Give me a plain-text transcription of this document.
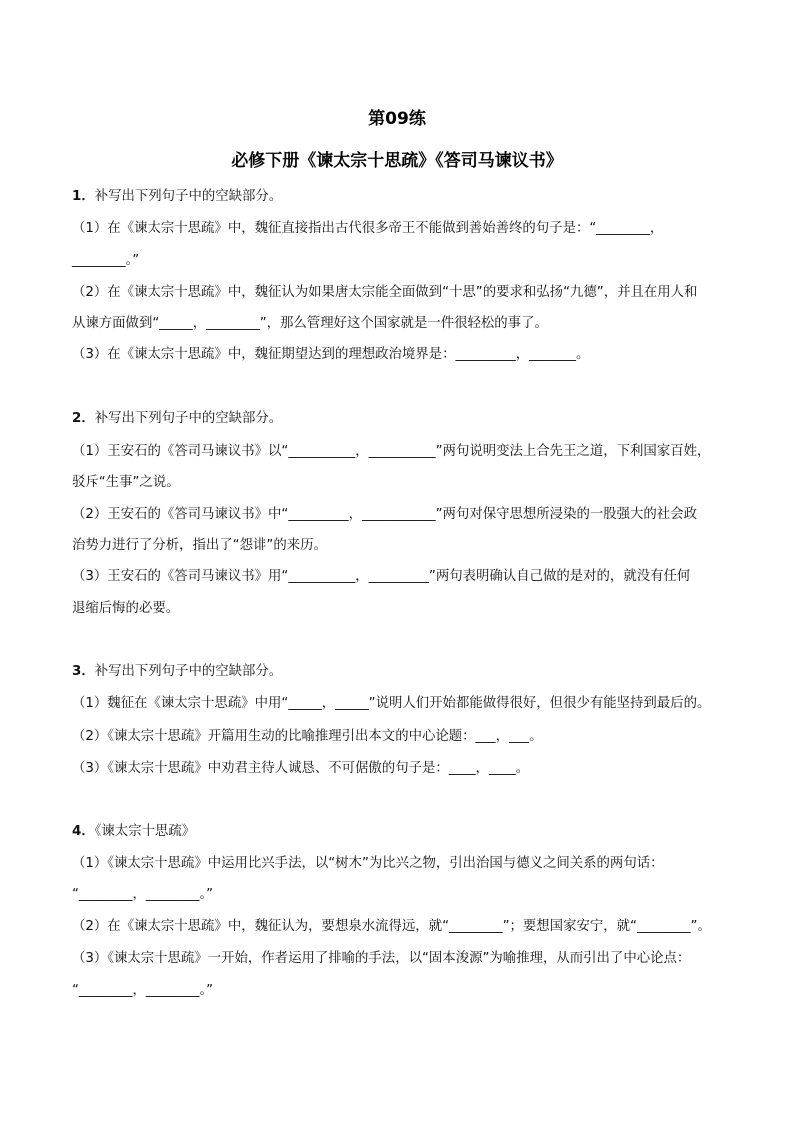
第09练
必修下册《谏太宗十思疏》《答司马谏议书》
1．补写出下列句子中的空缺部分。
（1）在《谏太宗十思疏》中，魏征直接指出古代很多帝王不能做到善始善终的句子是：“________，
________。”
（2）在《谏太宗十思疏》中，魏征认为如果唐太宗能全面做到“十思”的要求和弘扬“九德”，并且在用人和
从谏方面做到“_____，________”，那么管理好这个国家就是一件很轻松的事了。
（3）在《谏太宗十思疏》中，魏征期望达到的理想政治境界是：_________，_______。
2．补写出下列句子中的空缺部分。
（1）王安石的《答司马谏议书》以“__________，__________”两句说明变法上合先王之道，下利国家百姓，
驳斥“生事”之说。
（2）王安石的《答司马谏议书》中“_________，___________”两句对保守思想所浸染的一股强大的社会政
治势力进行了分析，指出了“怨诽”的来历。
（3）王安石的《答司马谏议书》用“__________，_________”两句表明确认自己做的是对的，就没有任何
退缩后悔的必要。
3．补写出下列句子中的空缺部分。
（1）魏征在《谏太宗十思疏》中用“_____，_____”说明人们开始都能做得很好，但很少有能坚持到最后的。
（2）《谏太宗十思疏》开篇用生动的比喻推理引出本文的中心论题：___，___。
（3）《谏太宗十思疏》中劝君主待人诚恳、不可倨傲的句子是：____，____。
4．《谏太宗十思疏》
（1）《谏太宗十思疏》中运用比兴手法，以“树木”为比兴之物，引出治国与德义之间关系的两句话：
“________，________。”
（2）在《谏太宗十思疏》中，魏征认为，要想泉水流得远，就“________”；要想国家安宁，就“________”。
（3）《谏太宗十思疏》一开始，作者运用了排喻的手法，以“固本浚源”为喻推理，从而引出了中心论点：
“________，________。”
